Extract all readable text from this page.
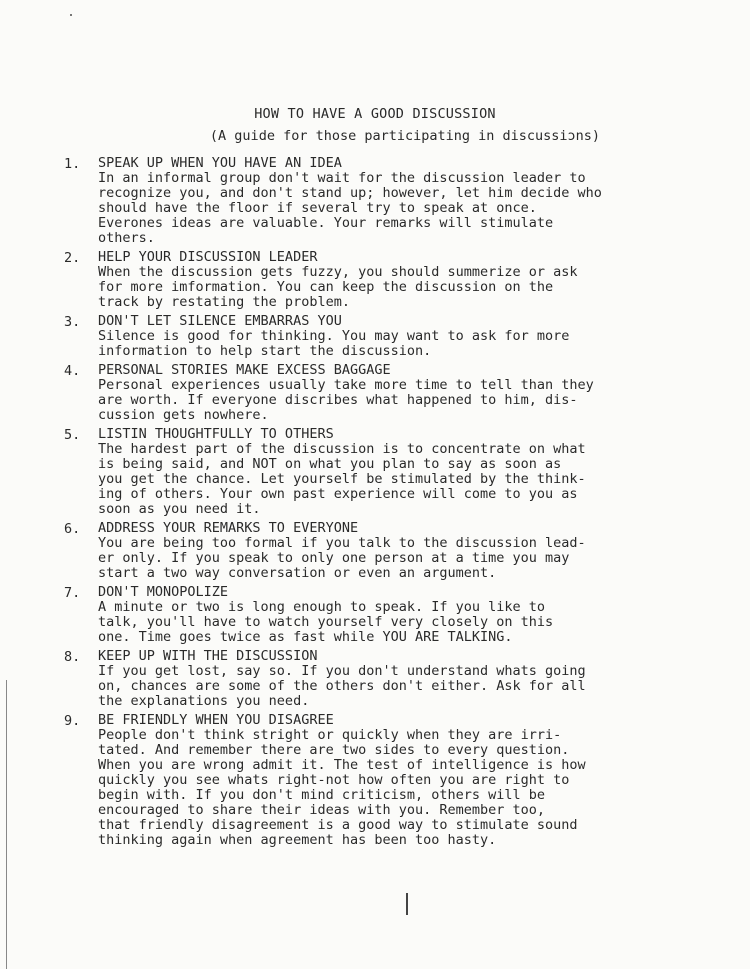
HOW TO HAVE A GOOD DISCUSSION
(A guide for those participating in discussiɔns)
1.	SPEAK UP WHEN YOU HAVE AN IDEA
In an informal group don't wait for the discussion leader to
recognize you, and don't stand up; however, let him decide who
should have the floor if several try to speak at once.
Everones ideas are valuable. Your remarks will stimulate
others.
2.	HELP YOUR DISCUSSION LEADER
When the discussion gets fuzzy, you should summerize or ask
for more imformation. You can keep the discussion on the
track by restating the problem.
3.	DON'T LET SILENCE EMBARRAS YOU
Silence is good for thinking. You may want to ask for more
information to help start the discussion.
4.	PERSONAL STORIES MAKE EXCESS BAGGAGE
Personal experiences usually take more time to tell than they
are worth. If everyone discribes what happened to him, dis-
cussion gets nowhere.
5.	LISTIN THOUGHTFULLY TO OTHERS
The hardest part of the discussion is to concentrate on what
is being said, and NOT on what you plan to say as soon as
you get the chance. Let yourself be stimulated by the think-
ing of others. Your own past experience will come to you as
soon as you need it.
6.	ADDRESS YOUR REMARKS TO EVERYONE
You are being too formal if you talk to the discussion lead-
er only. If you speak to only one person at a time you may
start a two way conversation or even an argument.
7.	DON'T MONOPOLIZE
A minute or two is long enough to speak. If you like to
talk, you'll have to watch yourself very closely on this
one. Time goes twice as fast while YOU ARE TALKING.
8.	KEEP UP WITH THE DISCUSSION
If you get lost, say so. If you don't understand whats going
on, chances are some of the others don't either. Ask for all
the explanations you need.
9.	BE FRIENDLY WHEN YOU DISAGREE
People don't think stright or quickly when they are irri-
tated. And remember there are two sides to every question.
When you are wrong admit it. The test of intelligence is how
quickly you see whats right-not how often you are right to
begin with. If you don't mind criticism, others will be
encouraged to share their ideas with you. Remember too,
that friendly disagreement is a good way to stimulate sound
thinking again when agreement has been too hasty.
